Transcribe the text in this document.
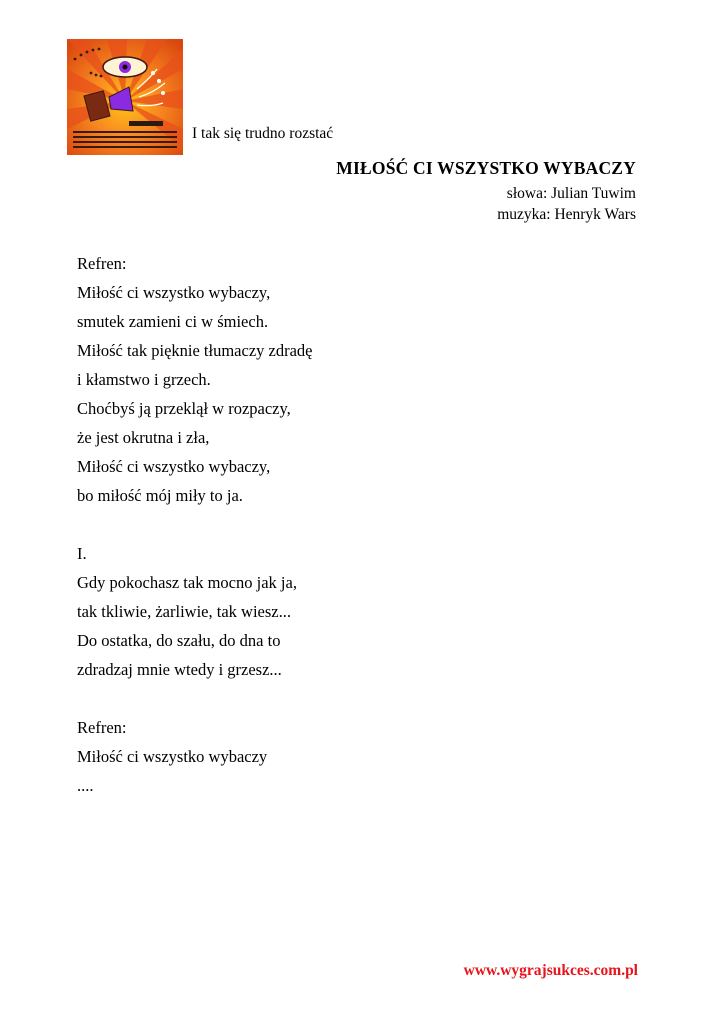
I tak się trudno rozstać
MIŁOŚĆ CI WSZYSTKO WYBACZY
słowa: Julian Tuwim
muzyka: Henryk Wars
Refren:
Miłość ci wszystko wybaczy,
smutek zamieni ci w śmiech.
Miłość tak pięknie tłumaczy zdradę
i kłamstwo i grzech.
Choćbyś ją przeklął w rozpaczy,
że jest okrutna i zła,
Miłość ci wszystko wybaczy,
bo miłość mój miły to ja.
I.
Gdy pokochasz tak mocno jak ja,
tak tkliwie, żarliwie, tak wiesz...
Do ostatka, do szału, do dna to
zdradzaj mnie wtedy i grzesz...
Refren:
Miłość ci wszystko wybaczy
....
www.wygrajsukces.com.pl
